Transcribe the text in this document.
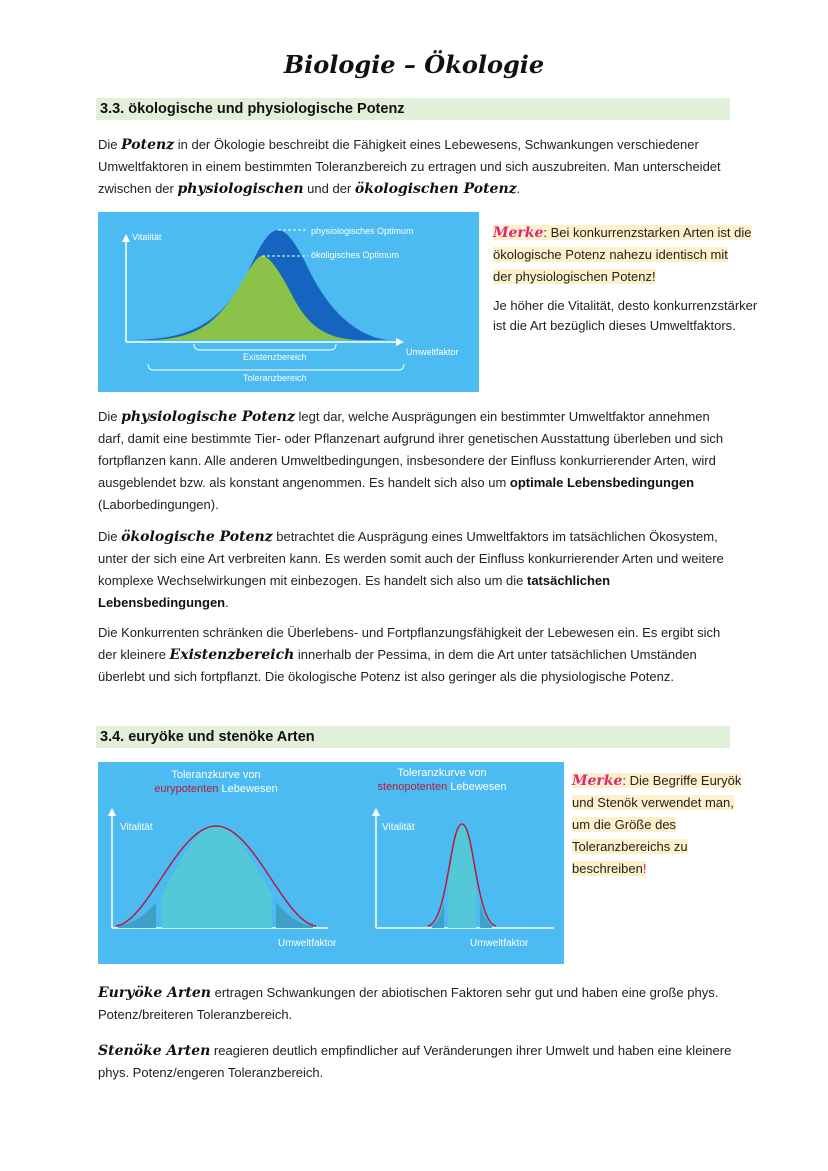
Biologie – Ökologie
3.3. ökologische und physiologische Potenz
Die Potenz in der Ökologie beschreibt die Fähigkeit eines Lebewesens, Schwankungen verschiedener Umweltfaktoren in einem bestimmten Toleranzbereich zu ertragen und sich auszubreiten. Man unterscheidet zwischen der physiologischen und der ökologischen Potenz.
Vitalität
Umweltfaktor
physiologisches Optimum
ökoligisches Optimum
Existenzbereich
Toleranzbereich
Merke: Bei konkurrenzstarken Arten ist die
ökologische Potenz nahezu identisch mit
der physiologischen Potenz!
Je höher die Vitalität, desto konkurrenzstärker ist die Art bezüglich dieses Umweltfaktors.
Die physiologische Potenz legt dar, welche Ausprägungen ein bestimmter Umweltfaktor annehmen darf, damit eine bestimmte Tier- oder Pflanzenart aufgrund ihrer genetischen Ausstattung überleben und sich fortpflanzen kann. Alle anderen Umweltbedingungen, insbesondere der Einfluss konkurrierender Arten, wird ausgeblendet bzw. als konstant angenommen. Es handelt sich also um optimale Lebensbedingungen (Laborbedingungen).
Die ökologische Potenz betrachtet die Ausprägung eines Umweltfaktors im tatsächlichen Ökosystem, unter der sich eine Art verbreiten kann. Es werden somit auch der Einfluss konkurrierender Arten und weitere komplexe Wechselwirkungen mit einbezogen. Es handelt sich also um die tatsächlichen Lebensbedingungen.
Die Konkurrenten schränken die Überlebens- und Fortpflanzungsfähigkeit der Lebewesen ein. Es ergibt sich der kleinere Existenzbereich innerhalb der Pessima, in dem die Art unter tatsächlichen Umständen überlebt und sich fortpflanzt. Die ökologische Potenz ist also geringer als die physiologische Potenz.
3.4. euryöke und stenöke Arten
Toleranzkurve von
eurypotenten Lebewesen
Vitalität
Umweltfaktor
Toleranzkurve von
stenopotenten Lebewesen
Vitalität
Umweltfaktor
Merke: Die Begriffe Euryök
und Stenök verwendet man,
um die Größe des
Toleranzbereichs zu
beschreiben!
Euryöke Arten ertragen Schwankungen der abiotischen Faktoren sehr gut und haben eine große phys. Potenz/breiteren Toleranzbereich.
Stenöke Arten reagieren deutlich empfindlicher auf Veränderungen ihrer Umwelt und haben eine kleinere phys. Potenz/engeren Toleranzbereich.
